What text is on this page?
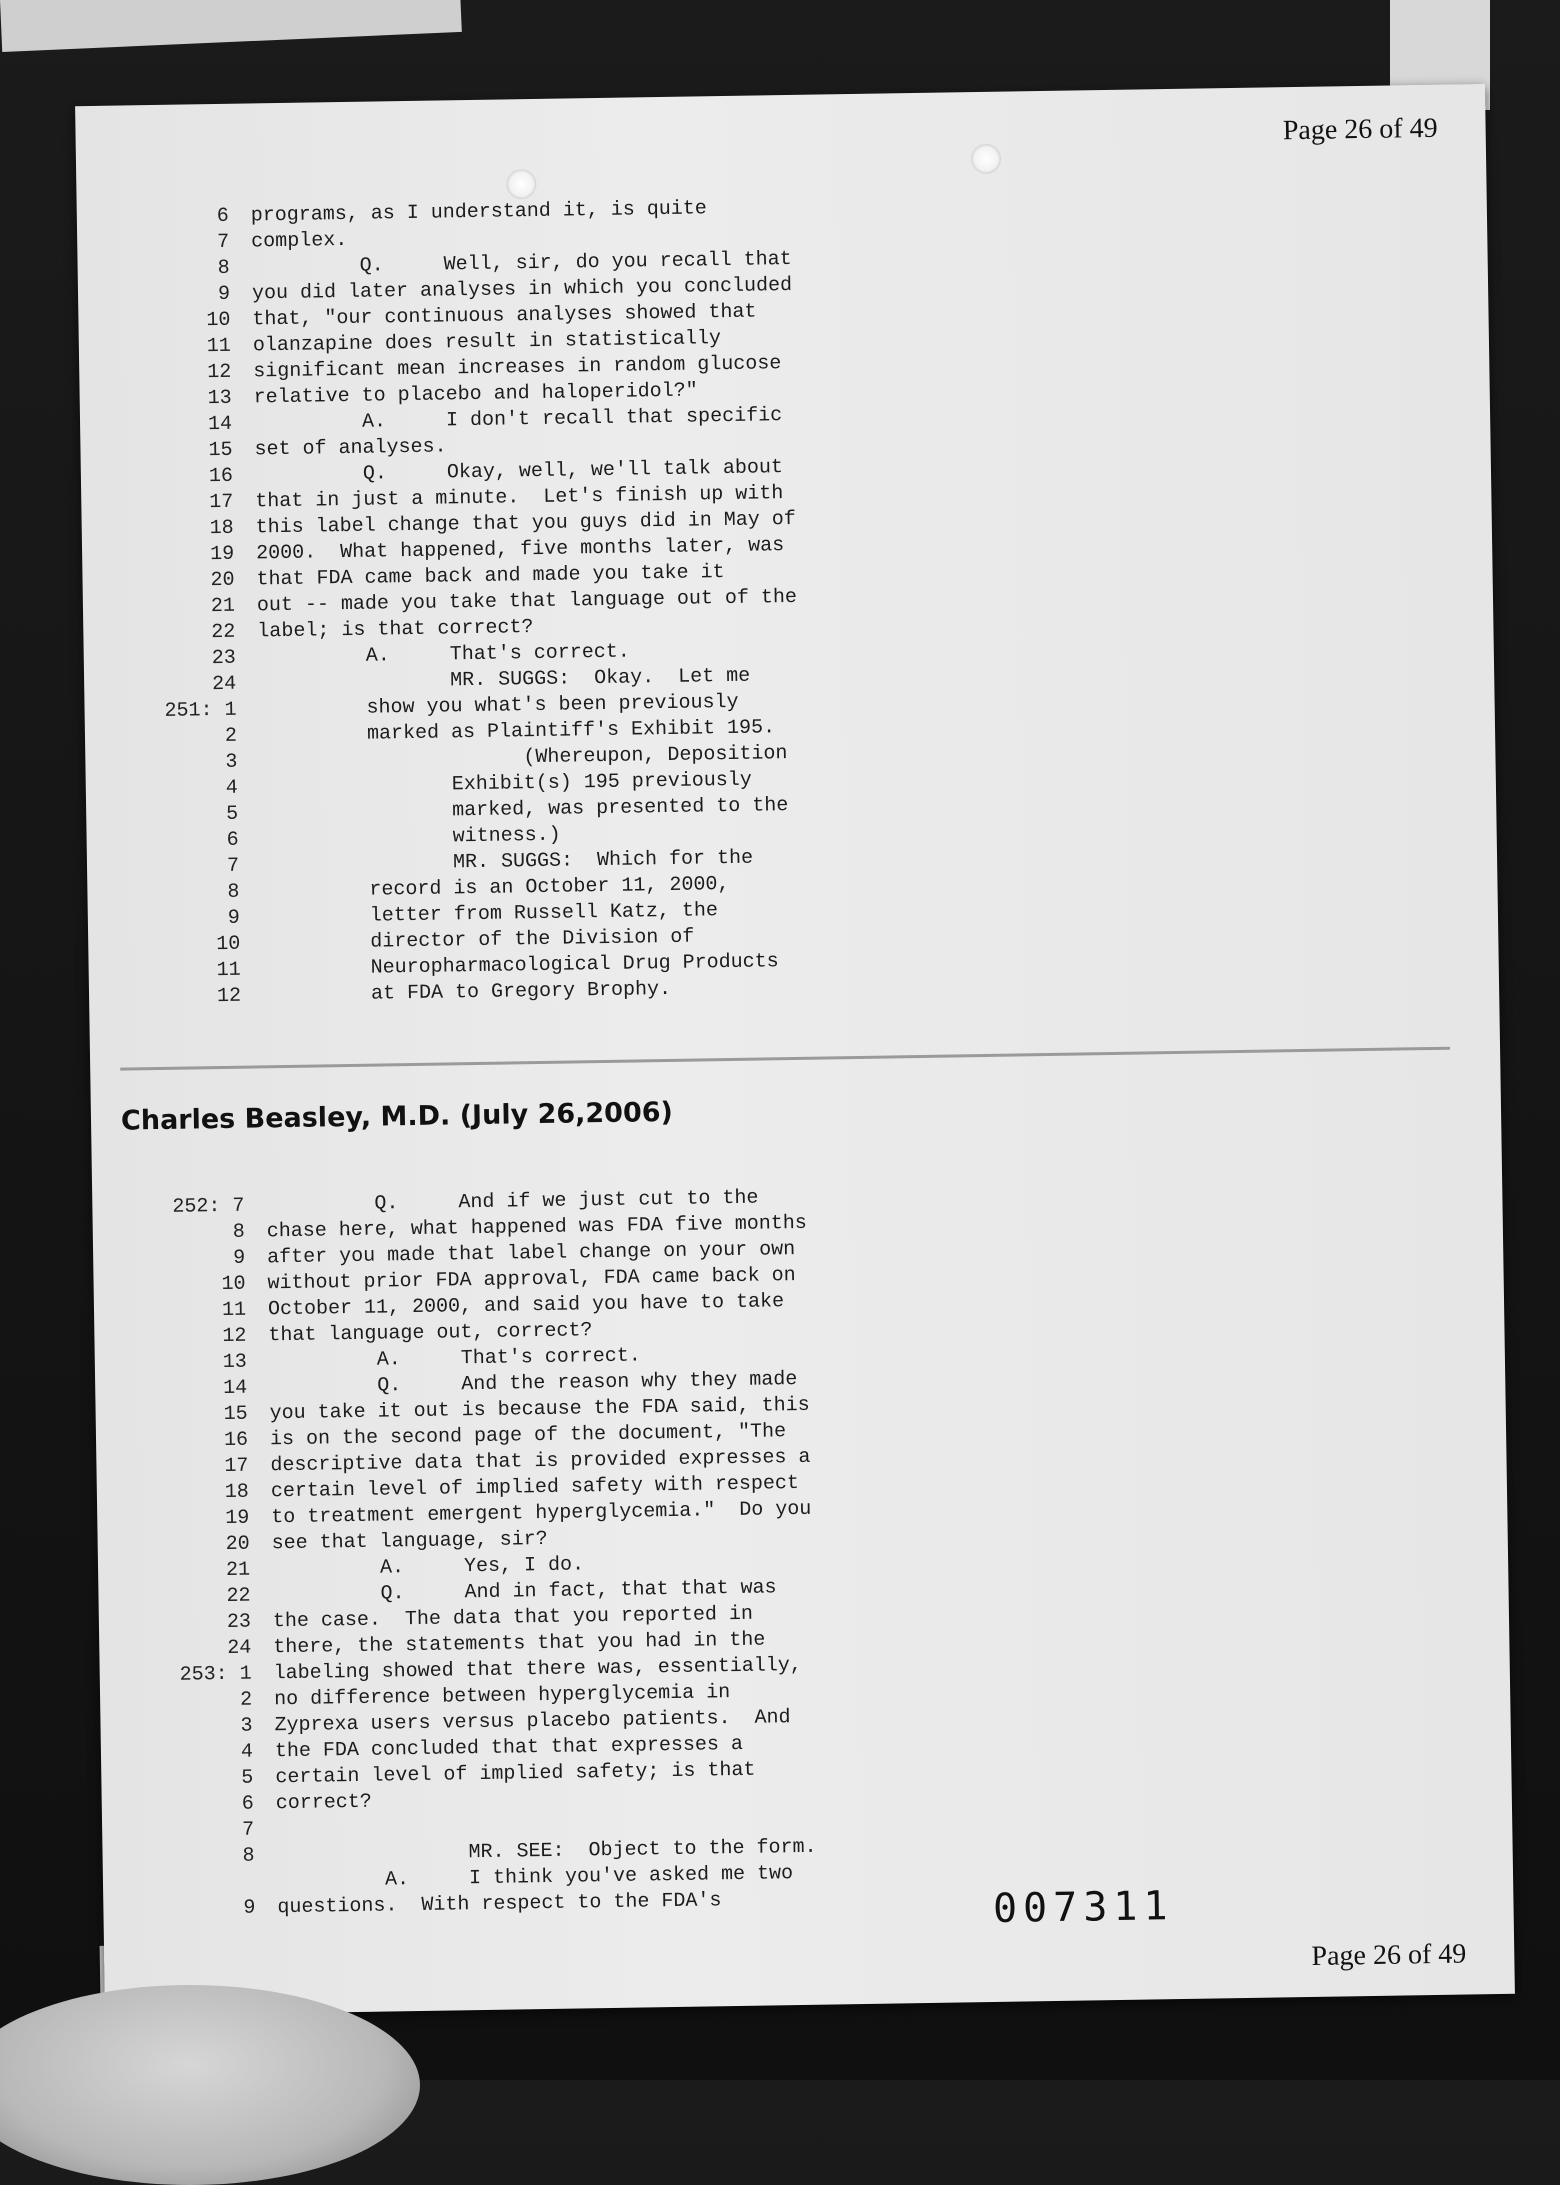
Page 26 of 49
6 programs, as I understand it, is quite
7 complex.
8         Q.     Well, sir, do you recall that
9 you did later analyses in which you concluded
10 that, "our continuous analyses showed that
11 olanzapine does result in statistically
12 significant mean increases in random glucose
13 relative to placebo and haloperidol?"
14         A.     I don't recall that specific
15 set of analyses.
16         Q.     Okay, well, we'll talk about
17 that in just a minute.  Let's finish up with
18 this label change that you guys did in May of
19 2000.  What happened, five months later, was
20 that FDA came back and made you take it
21 out -- made you take that language out of the
22 label; is that correct?
23         A.     That's correct.
24                MR. SUGGS:  Okay.  Let me
251: 1         show you what's been previously
2         marked as Plaintiff's Exhibit 195.
3                      (Whereupon, Deposition
4                Exhibit(s) 195 previously
5                marked, was presented to the
6                witness.)
7                MR. SUGGS:  Which for the
8         record is an October 11, 2000,
9         letter from Russell Katz, the
10         director of the Division of
11         Neuropharmacological Drug Products
12         at FDA to Gregory Brophy.
Charles Beasley, M.D. (July 26,2006)
252: 7         Q.     And if we just cut to the
8 chase here, what happened was FDA five months
9 after you made that label change on your own
10 without prior FDA approval, FDA came back on
11 October 11, 2000, and said you have to take
12 that language out, correct?
13         A.     That's correct.
14         Q.     And the reason why they made
15 you take it out is because the FDA said, this
16 is on the second page of the document, "The
17 descriptive data that is provided expresses a
18 certain level of implied safety with respect
19 to treatment emergent hyperglycemia."  Do you
20 see that language, sir?
21         A.     Yes, I do.
22         Q.     And in fact, that that was
23 the case.  The data that you reported in
24 there, the statements that you had in the
253: 1 labeling showed that there was, essentially,
2 no difference between hyperglycemia in
3 Zyprexa users versus placebo patients.  And
4 the FDA concluded that that expresses a
5 certain level of implied safety; is that
6 correct?
7
8                MR. SEE:  Object to the form.
A.     I think you've asked me two
9 questions.  With respect to the FDA's	007311
Page 26 of 49
